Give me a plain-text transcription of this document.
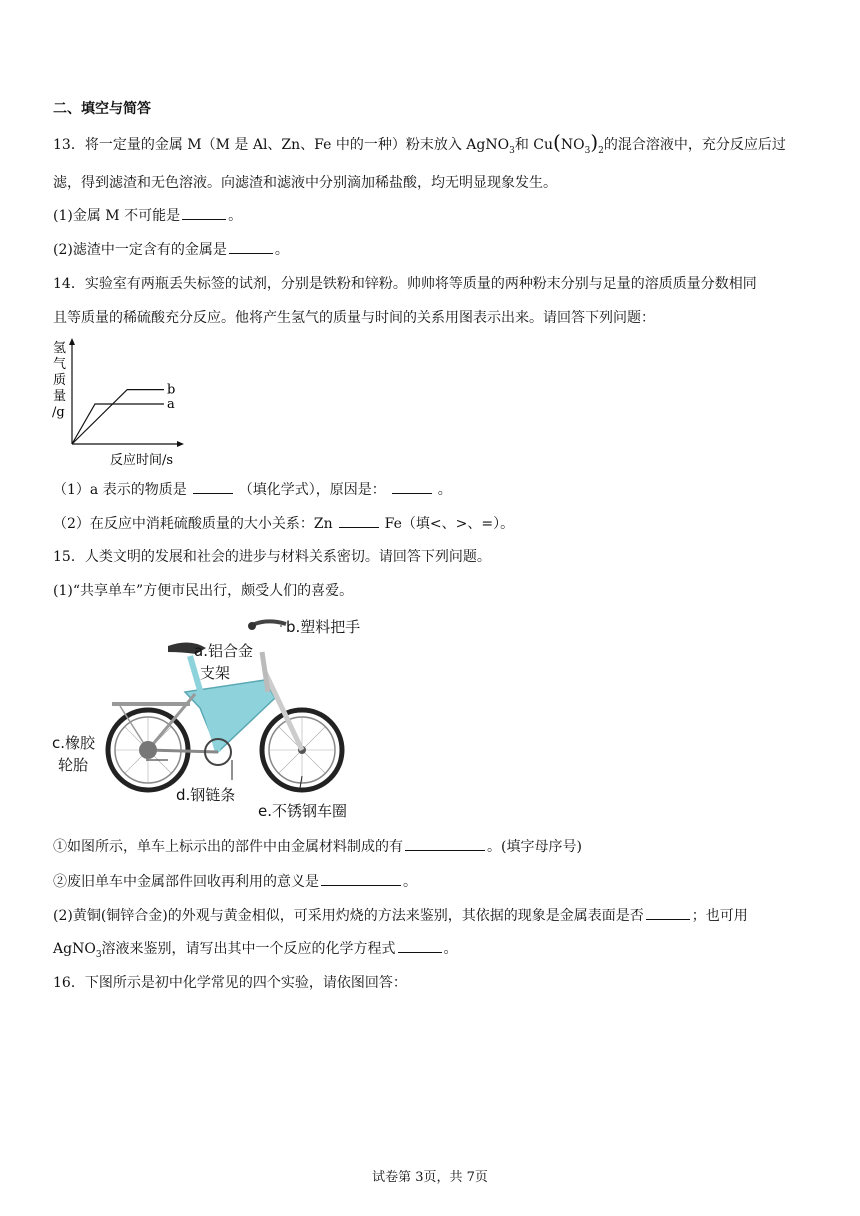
二、填空与简答
13．将一定量的金属 M（M 是 Al、Zn、Fe 中的一种）粉末放入 AgNO$_3$和 $Cu(NO_3)_2$的混合溶液中，充分反应后过
滤，得到滤渣和无色溶液。向滤渣和滤液中分别滴加稀盐酸，均无明显现象发生。
(1)金属 M 不可能是	。
(2)滤渣中一定含有的金属是	。
14．实验室有两瓶丢失标签的试剂，分别是铁粉和锌粉。帅帅将等质量的两种粉末分别与足量的溶质质量分数相同
且等质量的稀硫酸充分反应。他将产生氢气的质量与时间的关系用图表示出来。请回答下列问题：
氢
气
质
量
/g
反应时间/s
a
b
（1）a 表示的物质是	（填化学式），原因是：	。
（2）在反应中消耗硫酸质量的大小关系：Zn	Fe（填<、>、=）。
15．人类文明的发展和社会的进步与材料关系密切。请回答下列问题。
(1)“共享单车”方便市民出行，颇受人们的喜爱。
b.塑料把手
a.铝合金
支架
c.橡胶
轮胎
d.钢链条
e.不锈钢车圈
①如图所示，单车上标示出的部件中由金属材料制成的有	。(填字母序号)
②废旧单车中金属部件回收再利用的意义是	。
(2)黄铜(铜锌合金)的外观与黄金相似，可采用灼烧的方法来鉴别，其依据的现象是金属表面是否	；也可用
AgNO$_3$溶液来鉴别，请写出其中一个反应的化学方程式	。
16．下图所示是初中化学常见的四个实验，请依图回答：
试卷第 3页，共 7页
